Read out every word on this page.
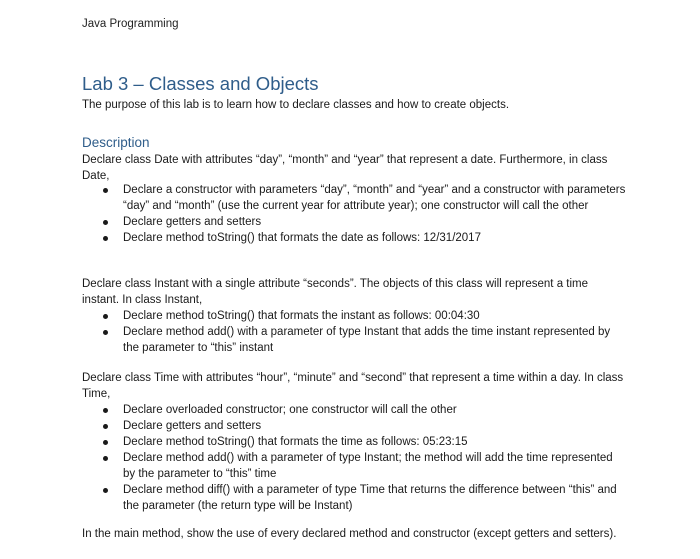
Java Programming
Lab 3 – Classes and Objects
The purpose of this lab is to learn how to declare classes and how to create objects.
Description

Declare class Date with attributes “day”, “month” and “year” that represent a date. Furthermore, in class Date,

Declare a constructor with parameters “day”, “month” and “year” and a constructor with parameters “day” and “month” (use the current year for attribute year); one constructor will call the other
Declare getters and setters
Declare method toString() that formats the date as follows: 12/31/2017

Declare class Instant with a single attribute “seconds”. The objects of this class will represent a time instant. In class Instant,

Declare method toString() that formats the instant as follows: 00:04:30
Declare method add() with a parameter of type Instant that adds the time instant represented by the parameter to “this” instant

Declare class Time with attributes “hour”, “minute” and “second” that represent a time within a day. In class Time,

Declare overloaded constructor; one constructor will call the other
Declare getters and setters
Declare method toString() that formats the time as follows: 05:23:15
Declare method add() with a parameter of type Instant; the method will add the time represented by the parameter to “this” time
Declare method diff() with a parameter of type Time that returns the difference between “this” and the parameter (the return type will be Instant)

In the main method, show the use of every declared method and constructor (except getters and setters).
